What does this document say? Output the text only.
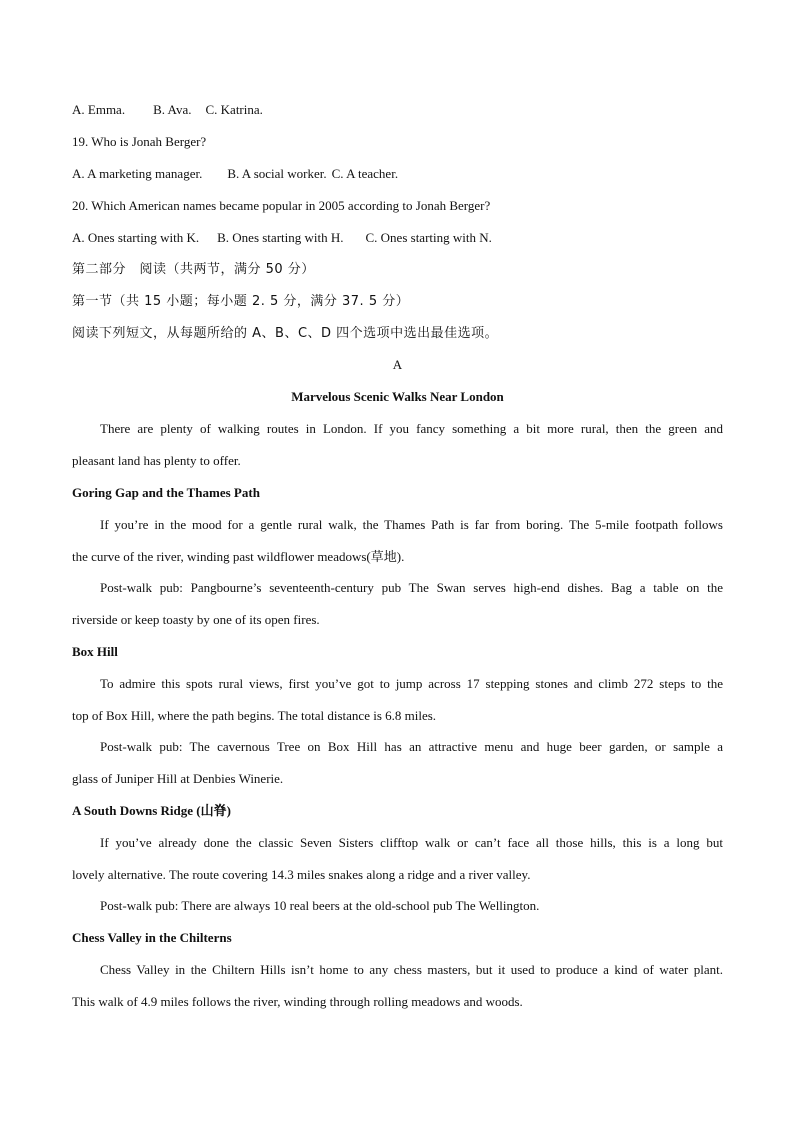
A. Emma. B. Ava. C. Katrina.
19. Who is Jonah Berger?
A. A marketing manager. B. A social worker. C. A teacher.
20. Which American names became popular in 2005 according to Jonah Berger?
A. Ones starting with K. B. Ones starting with H. C. Ones starting with N.
第二部分　阅读（共两节，满分 50 分）
第一节（共 15 小题；每小题 2. 5 分，满分 37. 5 分）
阅读下列短文，从每题所给的 A、B、C、D 四个选项中选出最佳选项。
A
Marvelous Scenic Walks Near London
There are plenty of walking routes in London. If you fancy something a bit more rural, then the green and
pleasant land has plenty to offer.
Goring Gap and the Thames Path
If you’re in the mood for a gentle rural walk, the Thames Path is far from boring. The 5-mile footpath follows
the curve of the river, winding past wildflower meadows(草地).
Post-walk pub: Pangbourne’s seventeenth-century pub The Swan serves high-end dishes. Bag a table on the
riverside or keep toasty by one of its open fires.
Box Hill
To admire this spots rural views, first you’ve got to jump across 17 stepping stones and climb 272 steps to the
top of Box Hill, where the path begins. The total distance is 6.8 miles.
Post-walk pub: The cavernous Tree on Box Hill has an attractive menu and huge beer garden, or sample a
glass of Juniper Hill at Denbies Winerie.
A South Downs Ridge (山脊)
If you’ve already done the classic Seven Sisters clifftop walk or can’t face all those hills, this is a long but
lovely alternative. The route covering 14.3 miles snakes along a ridge and a river valley.
Post-walk pub: There are always 10 real beers at the old-school pub The Wellington.
Chess Valley in the Chilterns
Chess Valley in the Chiltern Hills isn’t home to any chess masters, but it used to produce a kind of water plant.
This walk of 4.9 miles follows the river, winding through rolling meadows and woods.
